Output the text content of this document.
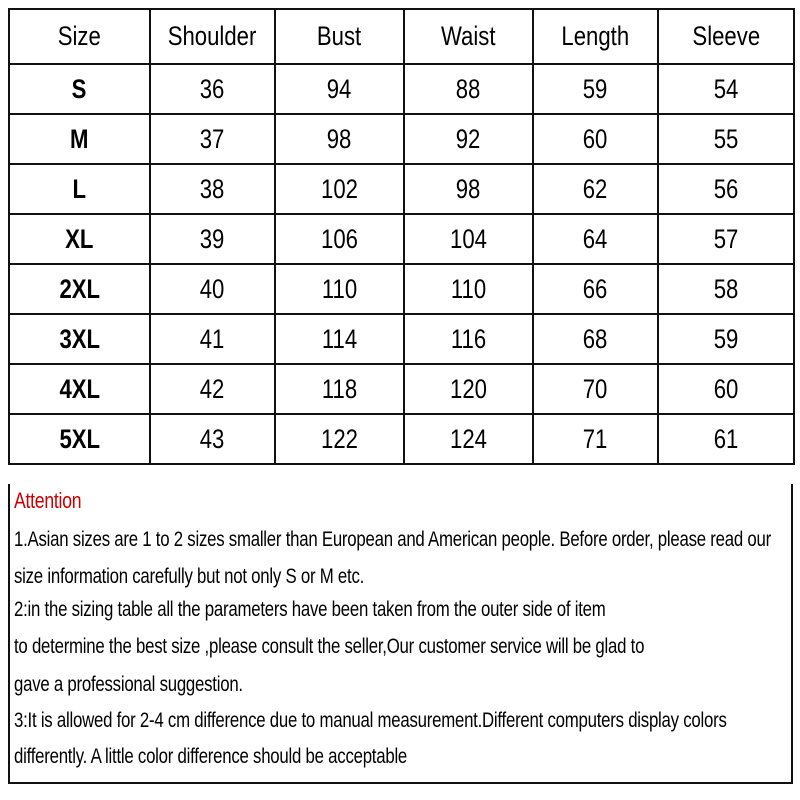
Size	Shoulder	Bust	Waist	Length	Sleeve
S	36	94	88	59	54
M	37	98	92	60	55
L	38	102	98	62	56
XL	39	106	104	64	57
2XL	40	110	110	66	58
3XL	41	114	116	68	59
4XL	42	118	120	70	60
5XL	43	122	124	71	61
Attention
1.Asian sizes are 1 to 2 sizes smaller than European and American people. Before order, please read our
size information carefully but not only S or M etc.
2:in the sizing table all the parameters have been taken from the outer side of item
to determine the best size ,please consult the seller,Our customer service will be glad to
gave a professional suggestion.
3:It is allowed for 2-4 cm difference due to manual measurement.Different computers display colors
differently. A little color difference should be acceptable
